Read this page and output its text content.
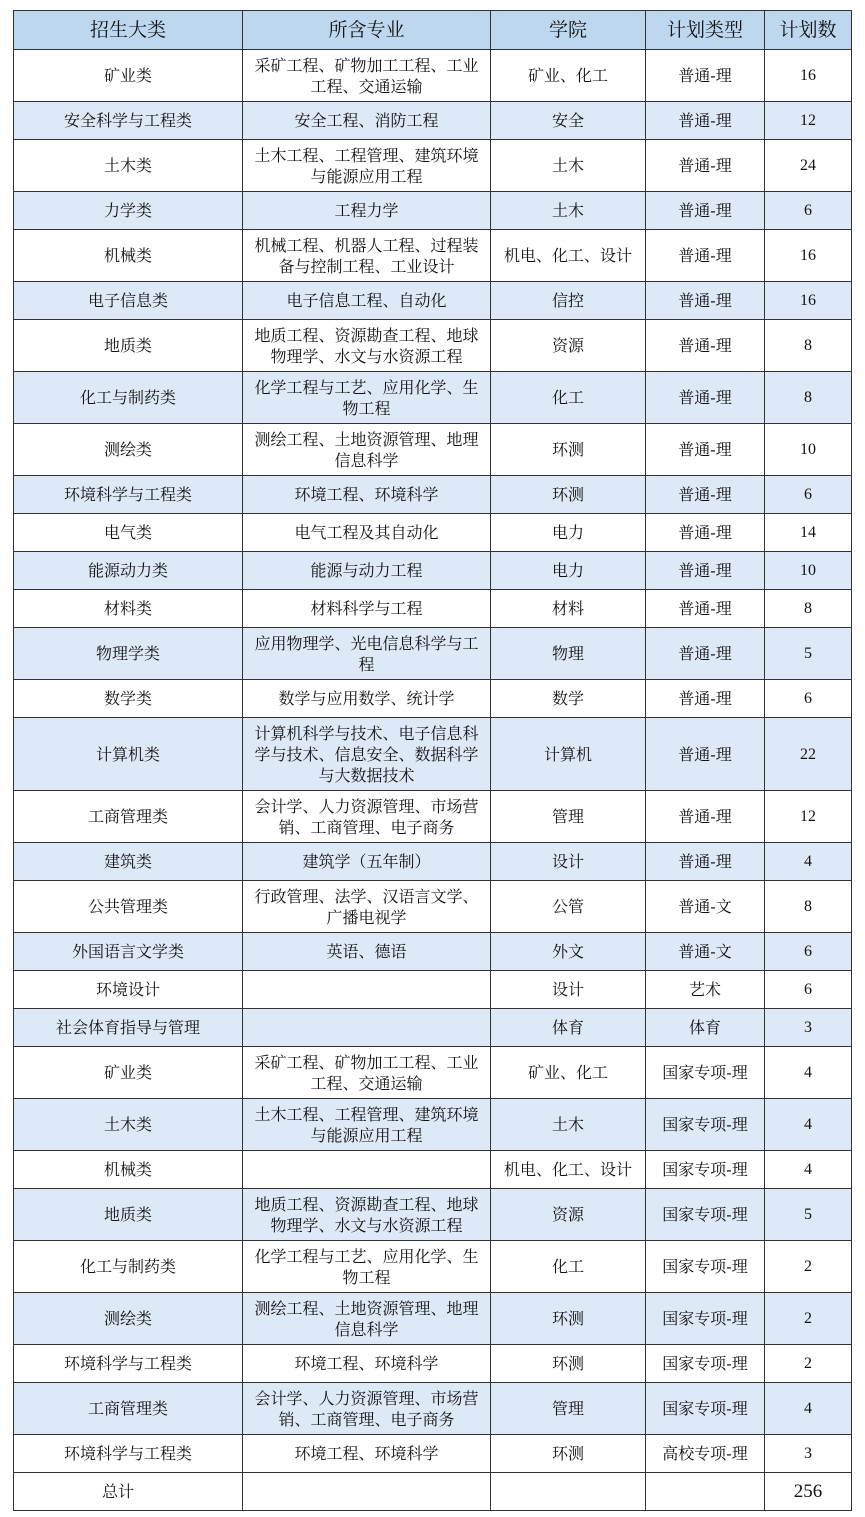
招生大类	所含专业	学院	计划类型	计划数
矿业类	采矿工程、矿物加工工程、工业工程、交通运输	矿业、化工	普通-理	16
安全科学与工程类	安全工程、消防工程	安全	普通-理	12
土木类	土木工程、工程管理、建筑环境与能源应用工程	土木	普通-理	24
力学类	工程力学	土木	普通-理	6
机械类	机械工程、机器人工程、过程装备与控制工程、工业设计	机电、化工、设计	普通-理	16
电子信息类	电子信息工程、自动化	信控	普通-理	16
地质类	地质工程、资源勘查工程、地球物理学、水文与水资源工程	资源	普通-理	8
化工与制药类	化学工程与工艺、应用化学、生物工程	化工	普通-理	8
测绘类	测绘工程、土地资源管理、地理信息科学	环测	普通-理	10
环境科学与工程类	环境工程、环境科学	环测	普通-理	6
电气类	电气工程及其自动化	电力	普通-理	14
能源动力类	能源与动力工程	电力	普通-理	10
材料类	材料科学与工程	材料	普通-理	8
物理学类	应用物理学、光电信息科学与工程	物理	普通-理	5
数学类	数学与应用数学、统计学	数学	普通-理	6
计算机类	计算机科学与技术、电子信息科学与技术、信息安全、数据科学与大数据技术	计算机	普通-理	22
工商管理类	会计学、人力资源管理、市场营销、工商管理、电子商务	管理	普通-理	12
建筑类	建筑学（五年制）	设计	普通-理	4
公共管理类	行政管理、法学、汉语言文学、广播电视学	公管	普通-文	8
外国语言文学类	英语、德语	外文	普通-文	6
环境设计		设计	艺术	6
社会体育指导与管理		体育	体育	3
矿业类	采矿工程、矿物加工工程、工业工程、交通运输	矿业、化工	国家专项-理	4
土木类	土木工程、工程管理、建筑环境与能源应用工程	土木	国家专项-理	4
机械类		机电、化工、设计	国家专项-理	4
地质类	地质工程、资源勘查工程、地球物理学、水文与水资源工程	资源	国家专项-理	5
化工与制药类	化学工程与工艺、应用化学、生物工程	化工	国家专项-理	2
测绘类	测绘工程、土地资源管理、地理信息科学	环测	国家专项-理	2
环境科学与工程类	环境工程、环境科学	环测	国家专项-理	2
工商管理类	会计学、人力资源管理、市场营销、工商管理、电子商务	管理	国家专项-理	4
环境科学与工程类	环境工程、环境科学	环测	高校专项-理	3
总计				256
